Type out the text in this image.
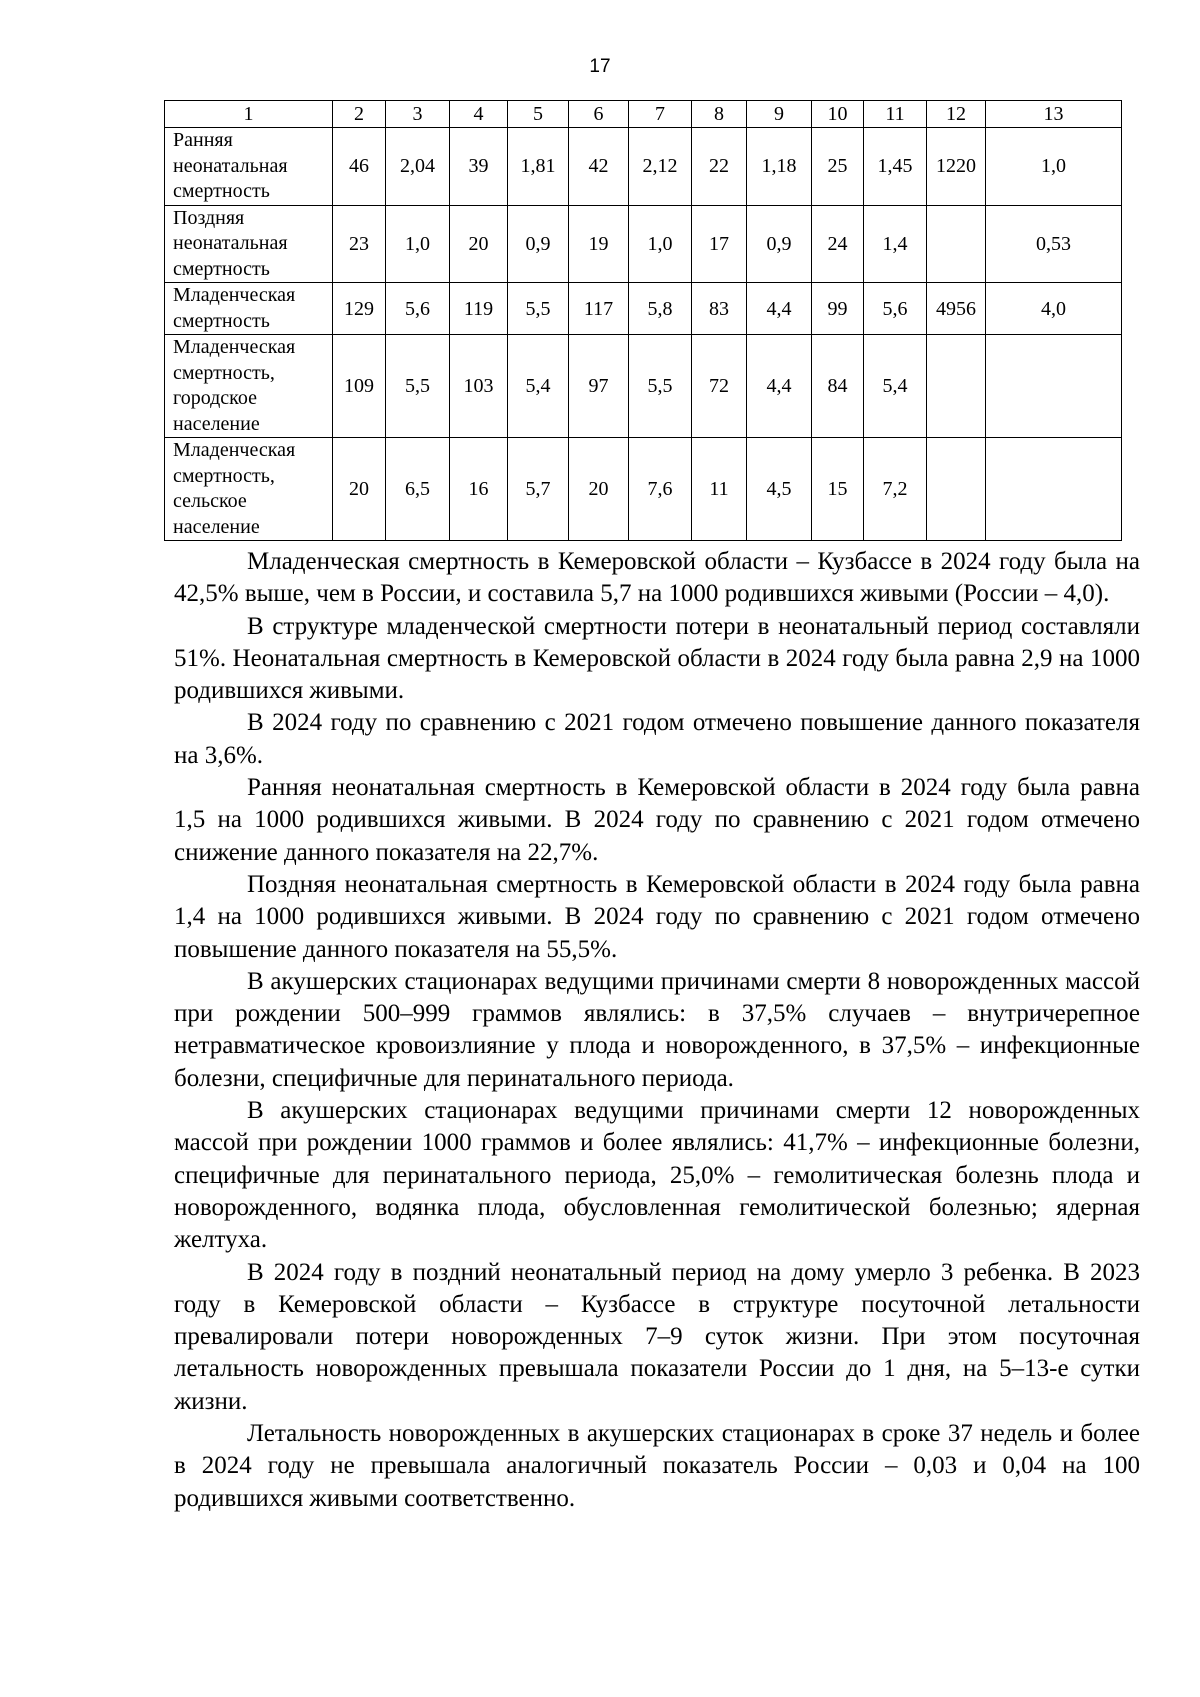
17
1	2	3	4	5	6	7	8	9	10	11	12	13
Ранняя
неонатальная
смертность	46	2,04	39	1,81	42	2,12	22	1,18	25	1,45	1220	1,0
Поздняя
неонатальная
смертность	23	1,0	20	0,9	19	1,0	17	0,9	24	1,4		0,53
Младенческая
смертность	129	5,6	119	5,5	117	5,8	83	4,4	99	5,6	4956	4,0
Младенческая
смертность,
городское
население	109	5,5	103	5,4	97	5,5	72	4,4	84	5,4		
Младенческая
смертность,
сельское
население	20	6,5	16	5,7	20	7,6	11	4,5	15	7,2		

Младенческая смертность в Кемеровской области – Кузбассе в 2024 году была на 42,5% выше, чем в России, и составила 5,7 на 1000 родившихся живыми (России – 4,0).

В структуре младенческой смертности потери в неонатальный период составляли 51%. Неонатальная смертность в Кемеровской области в 2024 году была равна 2,9 на 1000 родившихся живыми.

В 2024 году по сравнению с 2021 годом отмечено повышение данного показателя на 3,6%.

Ранняя неонатальная смертность в Кемеровской области в 2024 году была равна 1,5 на 1000 родившихся живыми. В 2024 году по сравнению с 2021 годом отмечено снижение данного показателя на 22,7%.

Поздняя неонатальная смертность в Кемеровской области в 2024 году была равна 1,4 на 1000 родившихся живыми. В 2024 году по сравнению с 2021 годом отмечено повышение данного показателя на 55,5%.

В акушерских стационарах ведущими причинами смерти 8 новорожденных массой при рождении 500–999 граммов являлись: в 37,5% случаев – внутричерепное нетравматическое кровоизлияние у плода и новорожденного, в 37,5% – инфекционные болезни, специфичные для перинатального периода.

В акушерских стационарах ведущими причинами смерти 12 новорожденных массой при рождении 1000 граммов и более являлись: 41,7% – инфекционные болезни, специфичные для перинатального периода, 25,0% – гемолитическая болезнь плода и новорожденного, водянка плода, обусловленная гемолитической болезнью; ядерная желтуха.

В 2024 году в поздний неонатальный период на дому умерло 3 ребенка. В 2023 году в Кемеровской области – Кузбассе в структуре посуточной летальности превалировали потери новорожденных 7–9 суток жизни. При этом посуточная летальность новорожденных превышала показатели России до 1 дня, на 5–13-е сутки жизни.

Летальность новорожденных в акушерских стационарах в сроке 37 недель и более в 2024 году не превышала аналогичный показатель России – 0,03 и 0,04 на 100 родившихся живыми соответственно.
